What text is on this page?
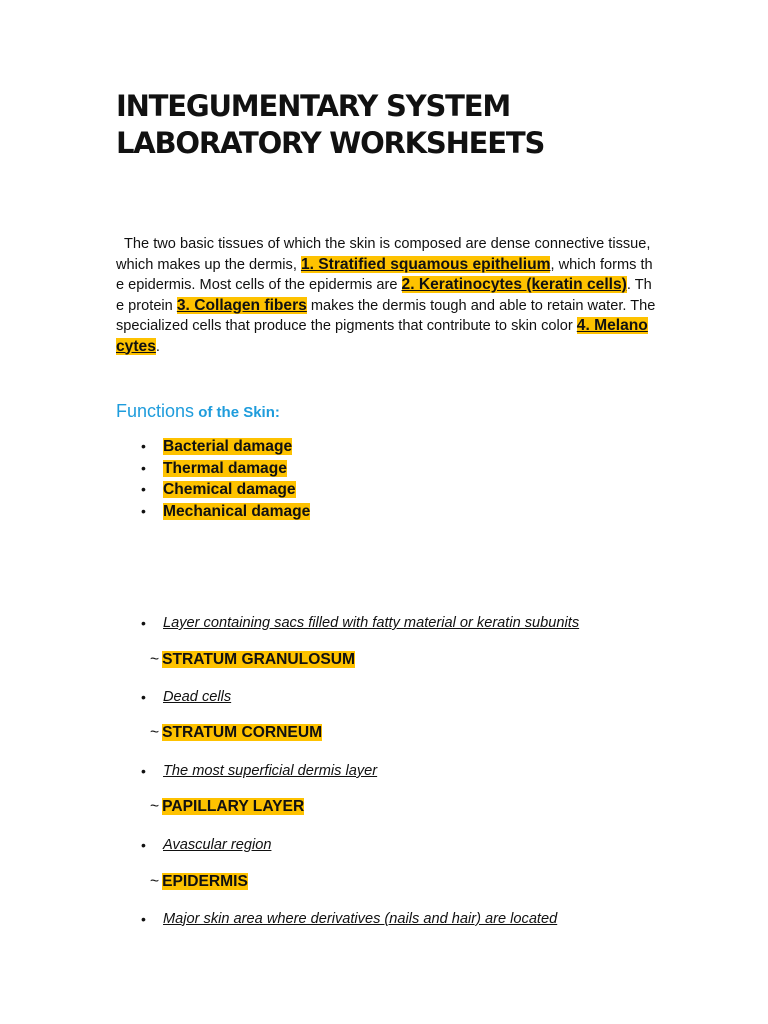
INTEGUMENTARY SYSTEM
LABORATORY WORKSHEETS

The two basic tissues of which the skin is composed are dense connective tissue, which makes up the dermis, 1. Stratified squamous epithelium, which forms the epidermis. Most cells of the epidermis are 2. Keratinocytes (keratin cells). The protein 3. Collagen fibers makes the dermis tough and able to retain water. The specialized cells that produce the pigments that contribute to skin color 4. Melanocytes.

Functions of the Skin:
• Bacterial damage
• Thermal damage
• Chemical damage
• Mechanical damage
• Layer containing sacs filled with fatty material or keratin subunits
~ STRATUM GRANULOSUM
• Dead cells
~ STRATUM CORNEUM
• The most superficial dermis layer
~ PAPILLARY LAYER
• Avascular region
~ EPIDERMIS
• Major skin area where derivatives (nails and hair) are located
